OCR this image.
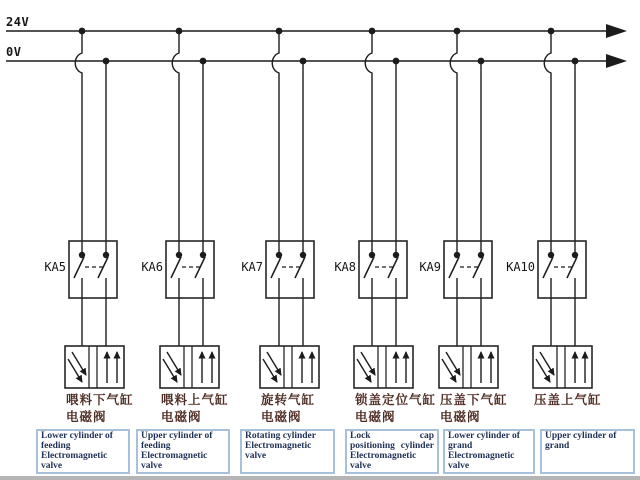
24V
0V
KA5
喂料下气缸
电磁阀
Lower cylinder of feeding Electromagnetic valve
KA6
喂料上气缸
电磁阀
Upper cylinder of feeding Electromagnetic valve
KA7
旋转气缸
电磁阀
Rotating cylinder Electromagnetic valve
KA8
锁盖定位气缸
电磁阀
Lock cap positioning cylinder Electromagnetic valve
KA9
压盖下气缸
电磁阀
Lower cylinder of grand Electromagnetic valve
KA10
压盖上气缸
Upper cylinder of grand
